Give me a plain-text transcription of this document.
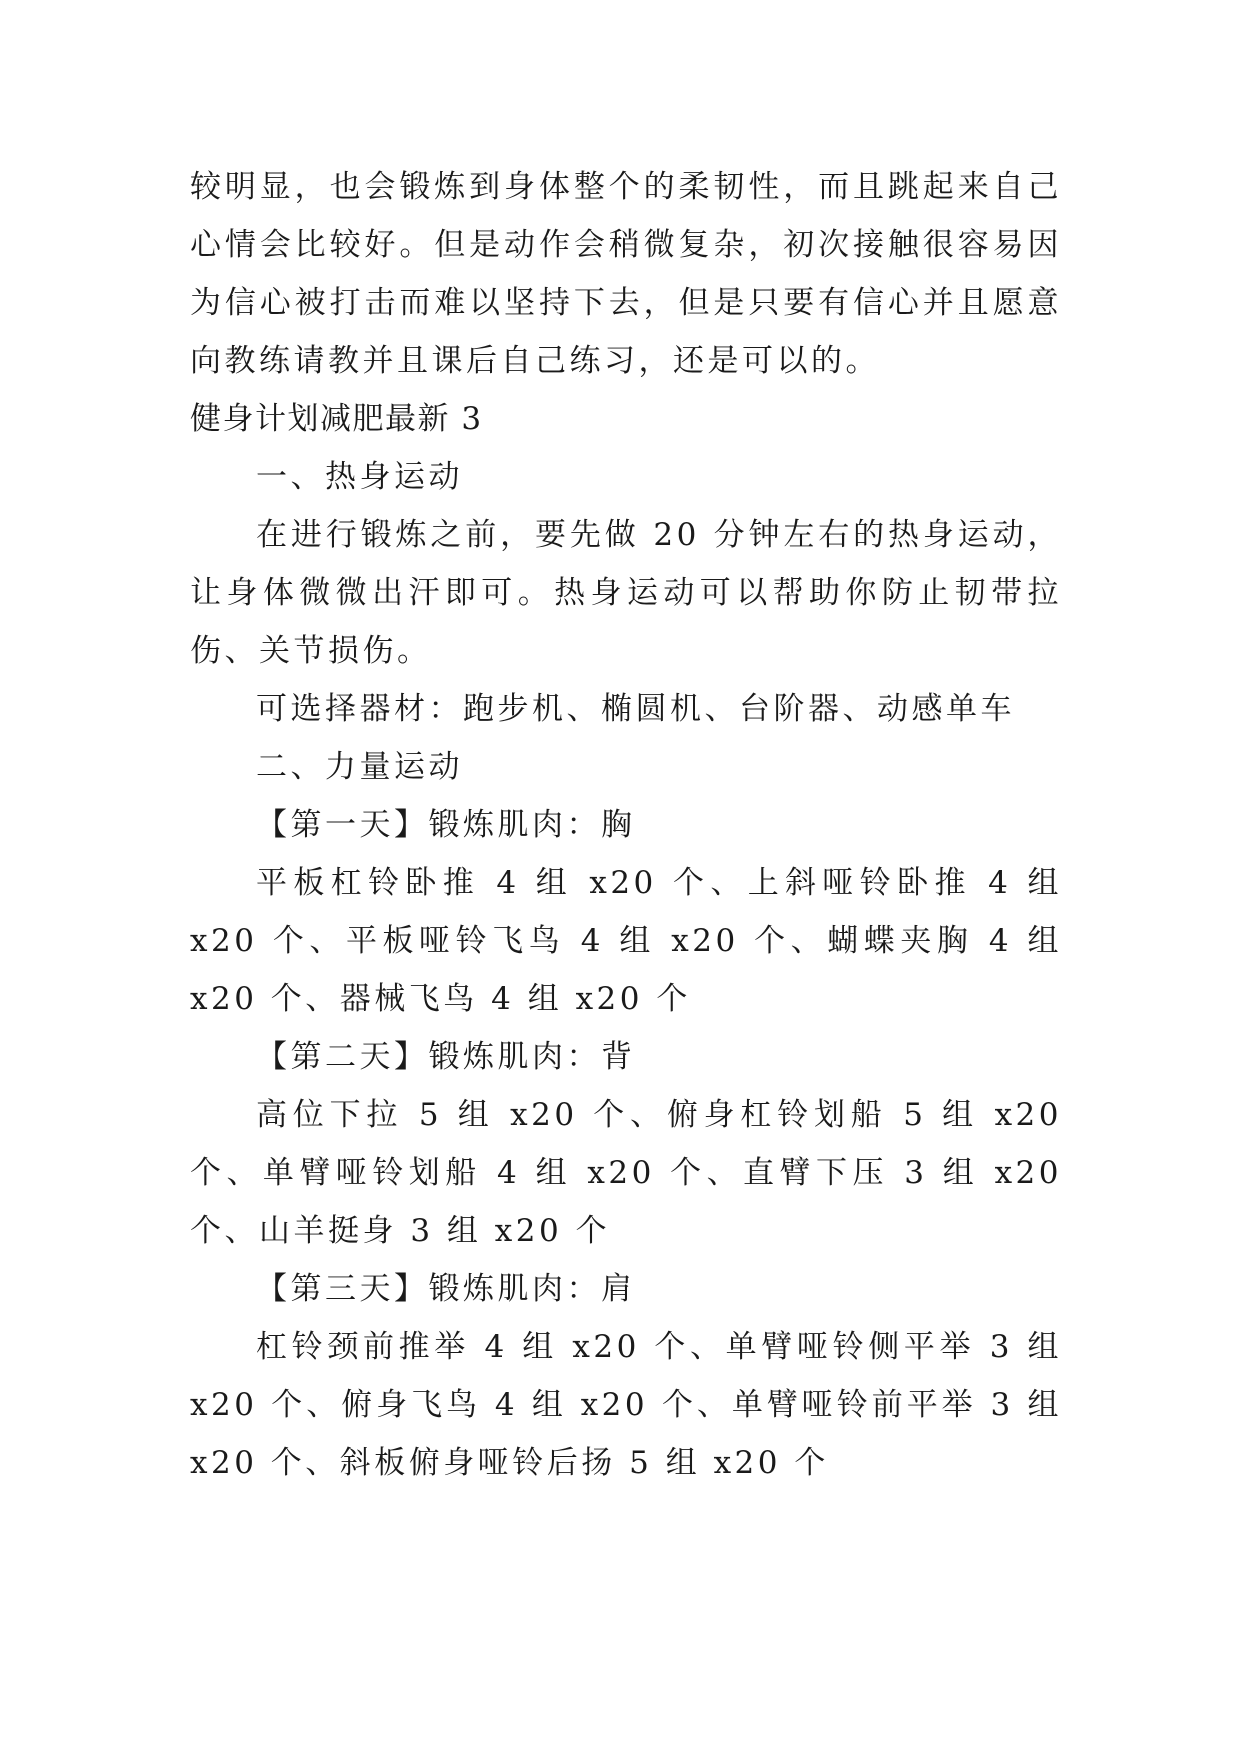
较明显，也会锻炼到身体整个的柔韧性，而且跳起来自己心情会比较好。但是动作会稍微复杂，初次接触很容易因为信心被打击而难以坚持下去，但是只要有信心并且愿意向教练请教并且课后自己练习，还是可以的。

健身计划减肥最新 3

一、热身运动

在进行锻炼之前，要先做 20 分钟左右的热身运动，让身体微微出汗即可。热身运动可以帮助你防止韧带拉伤、关节损伤。

可选择器材：跑步机、椭圆机、台阶器、动感单车

二、力量运动

【第一天】锻炼肌肉：胸

平板杠铃卧推 4 组 x20 个、上斜哑铃卧推 4 组 x20 个、平板哑铃飞鸟 4 组 x20 个、蝴蝶夹胸 4 组 x20 个、器械飞鸟 4 组 x20 个

【第二天】锻炼肌肉：背

高位下拉 5 组 x20 个、俯身杠铃划船 5 组 x20 个、单臂哑铃划船 4 组 x20 个、直臂下压 3 组 x20 个、山羊挺身 3 组 x20 个

【第三天】锻炼肌肉：肩

杠铃颈前推举 4 组 x20 个、单臂哑铃侧平举 3 组 x20 个、俯身飞鸟 4 组 x20 个、单臂哑铃前平举 3 组 x20 个、斜板俯身哑铃后扬 5 组 x20 个
